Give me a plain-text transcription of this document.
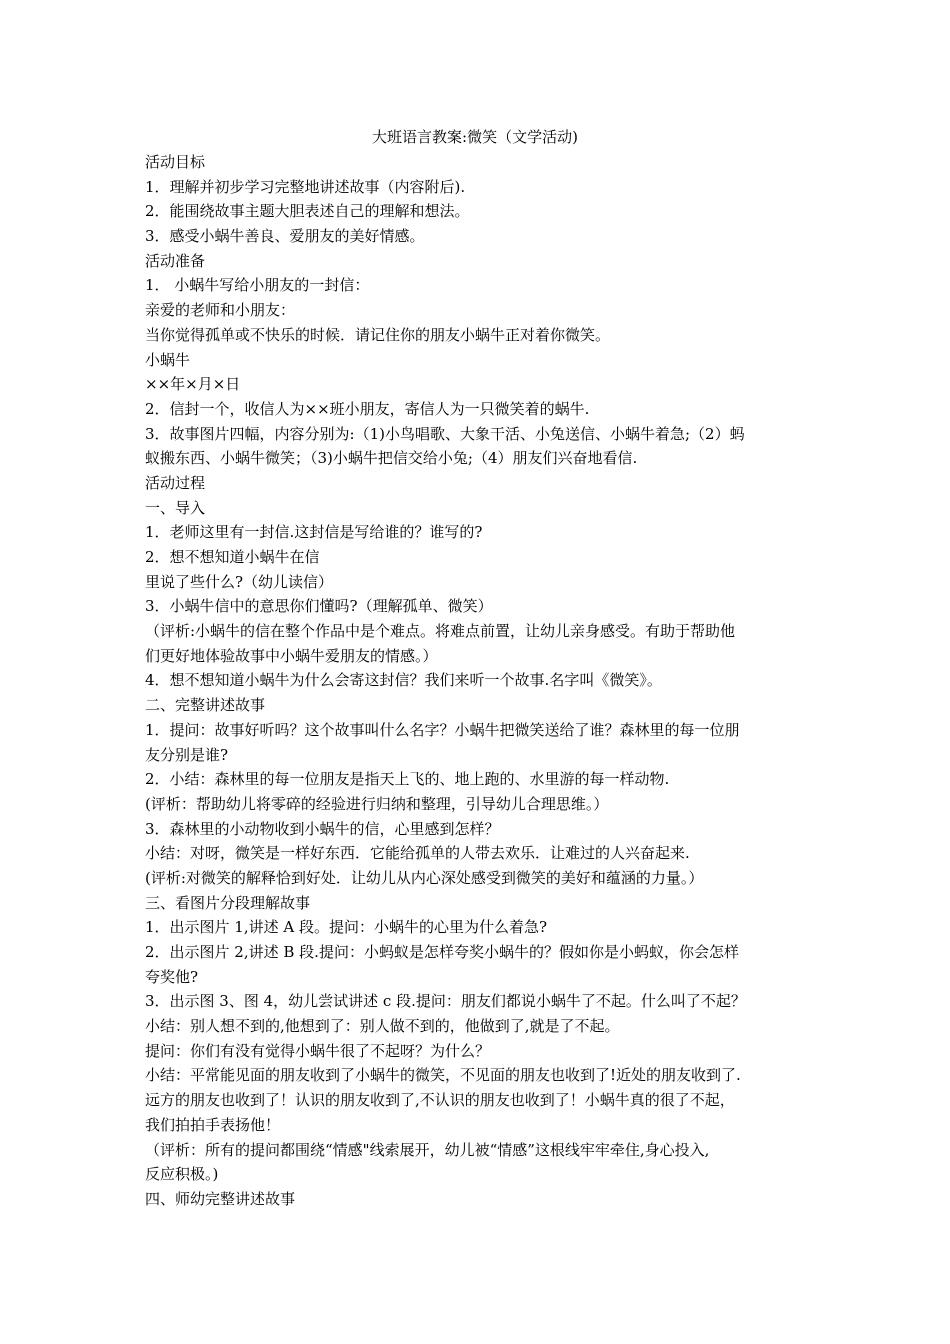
大班语言教案:微笑（文学活动)
活动目标
1．理解并初步学习完整地讲述故事（内容附后).
2．能围绕故事主题大胆表述自己的理解和想法。
3．感受小蜗牛善良、爱朋友的美好情感。
活动准备
1． 小蜗牛写给小朋友的一封信：
亲爱的老师和小朋友：
当你觉得孤单或不快乐的时候．请记住你的朋友小蜗牛正对着你微笑。
小蜗牛
××年×月×日
2．信封一个，收信人为××班小朋友，寄信人为一只微笑着的蜗牛.
3．故事图片四幅，内容分别为:（1)小鸟唱歌、大象干活、小兔送信、小蜗牛着急;（2）蚂
蚁搬东西、小蜗牛微笑；（3)小蜗牛把信交给小兔;（4）朋友们兴奋地看信.
活动过程
一、导入
1．老师这里有一封信.这封信是写给谁的？谁写的?
2．想不想知道小蜗牛在信
里说了些什么?（幼儿读信）
3．小蜗牛信中的意思你们懂吗?（理解孤单、微笑）
（评析:小蜗牛的信在整个作品中是个难点。将难点前置，让幼儿亲身感受。有助于帮助他
们更好地体验故事中小蜗牛爱朋友的情感。）
4．想不想知道小蜗牛为什么会寄这封信？我们来听一个故事.名字叫《微笑》。
二、完整讲述故事
1．提问：故事好听吗？这个故事叫什么名字？小蜗牛把微笑送给了谁？森林里的每一位朋
友分别是谁?
2．小结：森林里的每一位朋友是指天上飞的、地上跑的、水里游的每一样动物.
(评析：帮助幼儿将零碎的经验进行归纳和整理，引导幼儿合理思维。）
3．森林里的小动物收到小蜗牛的信，心里感到怎样？
小结：对呀，微笑是一样好东西．它能给孤单的人带去欢乐．让难过的人兴奋起来.
(评析:对微笑的解释恰到好处．让幼儿从内心深处感受到微笑的美好和蕴涵的力量。）
三、看图片分段理解故事
1．出示图片 1,讲述 A 段。提问：小蜗牛的心里为什么着急?
2．出示图片 2,讲述 B 段.提问：小蚂蚁是怎样夸奖小蜗牛的？假如你是小蚂蚁，你会怎样
夸奖他?
3．出示图 3、图 4，幼儿尝试讲述 c 段.提问：朋友们都说小蜗牛了不起。什么叫了不起？
小结：别人想不到的,他想到了：别人做不到的，他做到了,就是了不起。
提问：你们有没有觉得小蜗牛很了不起呀？为什么？
小结：平常能见面的朋友收到了小蜗牛的微笑，不见面的朋友也收到了!近处的朋友收到了.
远方的朋友也收到了！认识的朋友收到了,不认识的朋友也收到了！小蜗牛真的很了不起，
我们拍拍手表扬他！
（评析：所有的提问都围绕“情感"线索展开，幼儿被“情感”这根线牢牢牵住,身心投入,
反应积极。)
四、师幼完整讲述故事
